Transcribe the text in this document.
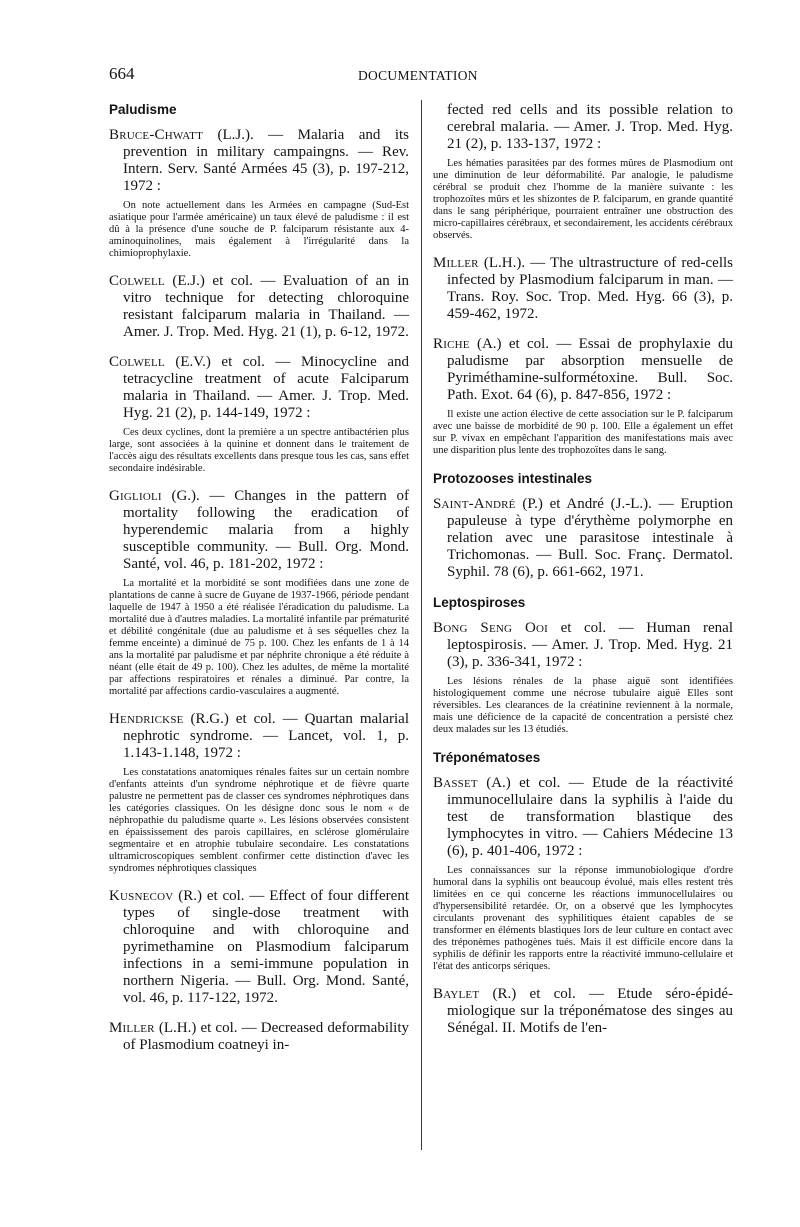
664	DOCUMENTATION
Paludisme

Bruce-Chwatt (L.J.). — Malaria and its prevention in military campaingns. — Rev. Intern. Serv. Santé Armées 45 (3), p. 197-212, 1972 :

On note actuellement dans les Armées en campagne (Sud-Est asiatique pour l'armée américaine) un taux élevé de paludisme : il est dû à la présence d'une souche de P. falciparum résistante aux 4-aminoquinolines, mais également à l'irrégularité dans la chimioprophylaxie.

Colwell (E.J.) et col. — Evaluation of an in vitro technique for detecting chloroquine resistant falciparum malaria in Thailand. — Amer. J. Trop. Med. Hyg. 21 (1), p. 6-12, 1972.

Colwell (E.V.) et col. — Minocycline and tetracycline treatment of acute Falciparum malaria in Thailand. — Amer. J. Trop. Med. Hyg. 21 (2), p. 144-149, 1972 :

Ces deux cyclines, dont la première a un spectre antibactérien plus large, sont associées à la quinine et donnent dans le traitement de l'accès aigu des résultats excellents dans presque tous les cas, sans effet secondaire indésirable.

Giglioli (G.). — Changes in the pattern of mortality following the eradication of hyperendemic malaria from a highly susceptible community. — Bull. Org. Mond. Santé, vol. 46, p. 181-202, 1972 :

La mortalité et la morbidité se sont modifiées dans une zone de plantations de canne à sucre de Guyane de 1937-1966, période pendant laquelle de 1947 à 1950 a été réalisée l'éradication du paludisme. La mortalité due à d'autres maladies. La mortalité infantile par prématurité et débilité congénitale (due au paludisme et à ses séquelles chez la femme enceinte) a diminué de 75 p. 100. Chez les enfants de 1 à 14 ans la mortalité par paludisme et par néphrite chronique a été réduite à néant (elle était de 49 p. 100). Chez les adultes, de même la mortalité par affections respiratoires et rénales a diminué. Par contre, la mortalité par affections cardio-vasculaires a augmenté.

Hendrickse (R.G.) et col. — Quartan malarial nephrotic syndrome. — Lancet, vol. 1, p. 1.143-1.148, 1972 :

Les constatations anatomiques rénales faites sur un certain nombre d'enfants atteints d'un syndrome néphrotique et de fièvre quarte palustre ne permettent pas de classer ces syndromes néphrotiques dans les catégories classiques. On les désigne donc sous le nom « de néphropathie du paludisme quarte ». Les lésions observées consistent en épaississement des parois capillaires, en sclérose glomérulaire segmentaire et en atrophie tubulaire secondaire. Les constatations ultramicroscopiques semblent confirmer cette distinction d'avec les syndromes néphrotiques classiques

Kusnecov (R.) et col. — Effect of four different types of single-dose treatment with chloroquine and with chloroquine and pyrimethamine on Plasmodium falciparum infections in a semi-immune population in northern Nigeria. — Bull. Org. Mond. Santé, vol. 46, p. 117-122, 1972.

Miller (L.H.) et col. — Decreased deformability of Plasmodium coatneyi in-

fected red cells and its possible relation to cerebral malaria. — Amer. J. Trop. Med. Hyg. 21 (2), p. 133-137, 1972 :

Les hématies parasitées par des formes mûres de Plasmodium ont une diminution de leur déformabilité. Par analogie, le paludisme cérébral se produit chez l'homme de la manière suivante : les trophozoïtes mûrs et les shizontes de P. falciparum, en grande quantité dans le sang périphérique, pourraient entraîner une obstruction des micro-capillaires cérébraux, et secondairement, les accidents cérébraux observés.

Miller (L.H.). — The ultrastructure of red-cells infected by Plasmodium falciparum in man. — Trans. Roy. Soc. Trop. Med. Hyg. 66 (3), p. 459-462, 1972.

Riche (A.) et col. — Essai de prophylaxie du paludisme par absorption mensuelle de Pyriméthamine-sulformétoxine. Bull. Soc. Path. Exot. 64 (6), p. 847-856, 1972 :

Il existe une action élective de cette association sur le P. falciparum avec une baisse de morbidité de 90 p. 100. Elle a également un effet sur P. vivax en empêchant l'apparition des manifestations mais avec une disparition plus lente des trophozoïtes dans le sang.

Protozooses intestinales

Saint-André (P.) et André (J.-L.). — Eruption papuleuse à type d'érythème polymorphe en relation avec une parasitose intestinale à Trichomonas. — Bull. Soc. Franç. Dermatol. Syphil. 78 (6), p. 661-662, 1971.

Leptospiroses

Bong Seng Ooi et col. — Human renal leptospirosis. — Amer. J. Trop. Med. Hyg. 21 (3), p. 336-341, 1972 :

Les lésions rénales de la phase aiguë sont identifiées histologiquement comme une nécrose tubulaire aiguë Elles sont réversibles. Les clearances de la créatinine reviennent à la normale, mais une déficience de la capacité de concentration a persisté chez deux malades sur les 13 étudiés.

Tréponématoses

Basset (A.) et col. — Etude de la réactivité immunocellulaire dans la syphilis à l'aide du test de transformation blastique des lymphocytes in vitro. — Cahiers Médecine 13 (6), p. 401-406, 1972 :

Les connaissances sur la réponse immunobiologique d'ordre humoral dans la syphilis ont beaucoup évolué, mais elles restent très limitées en ce qui concerne les réactions immunocellulaires ou d'hypersensibilité retardée. Or, on a observé que les lymphocytes circulants provenant des syphilitiques étaient capables de se transformer en éléments blastiques lors de leur culture en contact avec des tréponèmes pathogènes tués. Mais il est difficile encore dans la syphilis de définir les rapports entre la réactivité immuno-cellulaire et l'état des anticorps sériques.

Baylet (R.) et col. — Etude séro-épidémiologique sur la tréponématose des singes au Sénégal. II. Motifs de l'en-
